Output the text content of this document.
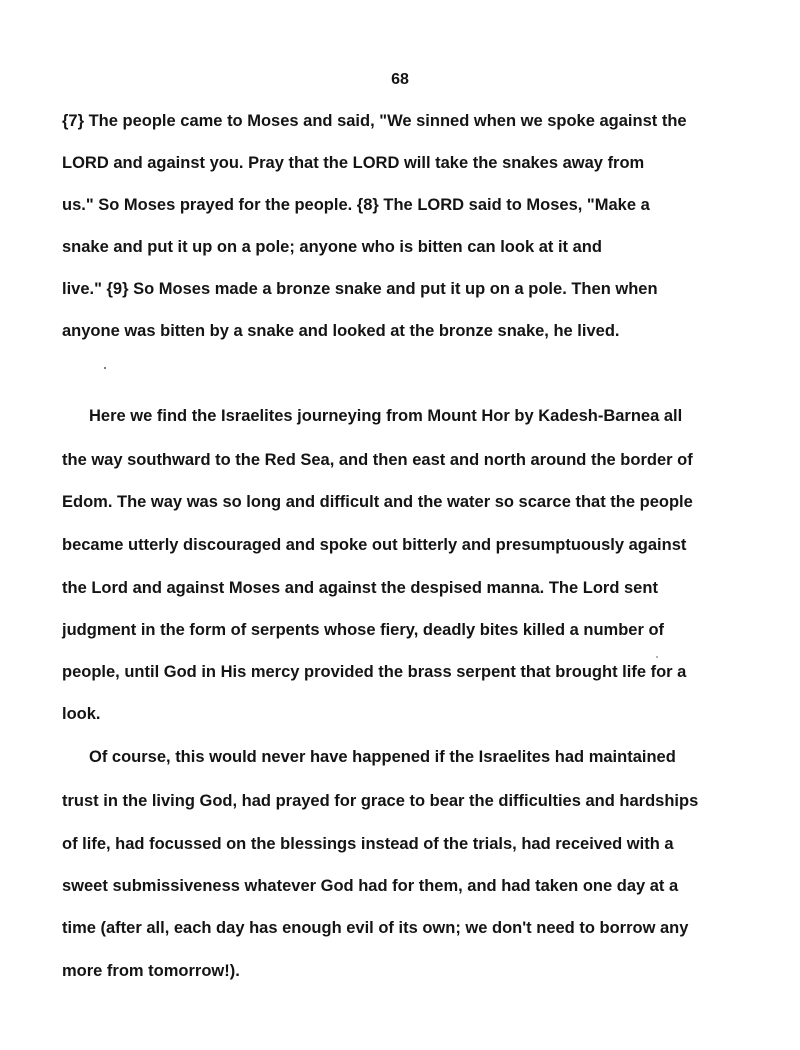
68
{7} The people came to Moses and said, "We sinned when we spoke against the
LORD and against you. Pray that the LORD will take the snakes away from
us." So Moses prayed for the people. {8} The LORD said to Moses, "Make a
snake and put it up on a pole; anyone who is bitten can look at it and
live." {9} So Moses made a bronze snake and put it up on a pole. Then when
anyone was bitten by a snake and looked at the bronze snake, he lived.
Here we find the Israelites journeying from Mount Hor by Kadesh-Barnea all
the way southward to the Red Sea, and then east and north around the border of
Edom. The way was so long and difficult and the water so scarce that the people
became utterly discouraged and spoke out bitterly and presumptuously against
the Lord and against Moses and against the despised manna. The Lord sent
judgment in the form of serpents whose fiery, deadly bites killed a number of
people, until God in His mercy provided the brass serpent that brought life for a
look.
Of course, this would never have happened if the Israelites had maintained
trust in the living God, had prayed for grace to bear the difficulties and hardships
of life, had focussed on the blessings instead of the trials, had received with a
sweet submissiveness whatever God had for them, and had taken one day at a
time (after all, each day has enough evil of its own; we don't need to borrow any
more from tomorrow!).
